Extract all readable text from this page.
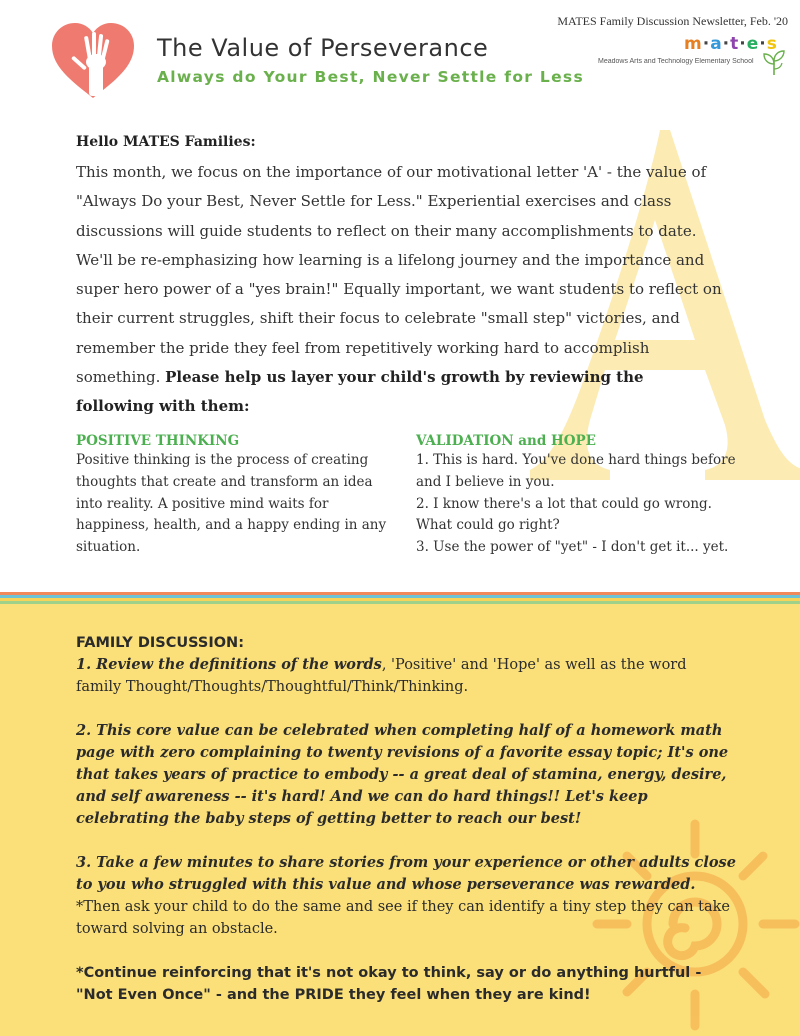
The Value of Perseverance
Always do Your Best, Never Settle for Less
MATES Family Discussion Newsletter, Feb. '20
m·a·t·e·s
Meadows Arts and Technology Elementary School
Hello MATES Families:
This month, we focus on the importance of our motivational letter 'A' - the value of "Always Do your Best, Never Settle for Less." Experiential exercises and class discussions will guide students to reflect on their many accomplishments to date. We'll be re-emphasizing how learning is a lifelong journey and the importance and super hero power of a "yes brain!" Equally important, we want students to reflect on their current struggles, shift their focus to celebrate "small step" victories, and remember the pride they feel from repetitively working hard to accomplish something. Please help us layer your child's growth by reviewing the following with them:
POSITIVE THINKING

Positive thinking is the process of creating thoughts that create and transform an idea into reality. A positive mind waits for happiness, health, and a happy ending in any situation.

VALIDATION and HOPE
1. This is hard. You've done hard things before and I believe in you.
2. I know there's a lot that could go wrong. What could go right?
3. Use the power of "yet" - I don't get it... yet.
FAMILY DISCUSSION:

1. Review the definitions of the words, 'Positive' and 'Hope' as well as the word family Thought/Thoughts/Thoughtful/Think/Thinking.

2. This core value can be celebrated when completing half of a homework math page with zero complaining to twenty revisions of a favorite essay topic; It's one that takes years of practice to embody -- a great deal of stamina, energy, desire, and self awareness -- it's hard! And we can do hard things!! Let's keep celebrating the baby steps of getting better to reach our best!

3. Take a few minutes to share stories from your experience or other adults close to you who struggled with this value and whose perseverance was rewarded. *Then ask your child to do the same and see if they can identify a tiny step they can take toward solving an obstacle.

*Continue reinforcing that it's not okay to think, say or do anything hurtful - "Not Even Once" - and the PRIDE they feel when they are kind!
